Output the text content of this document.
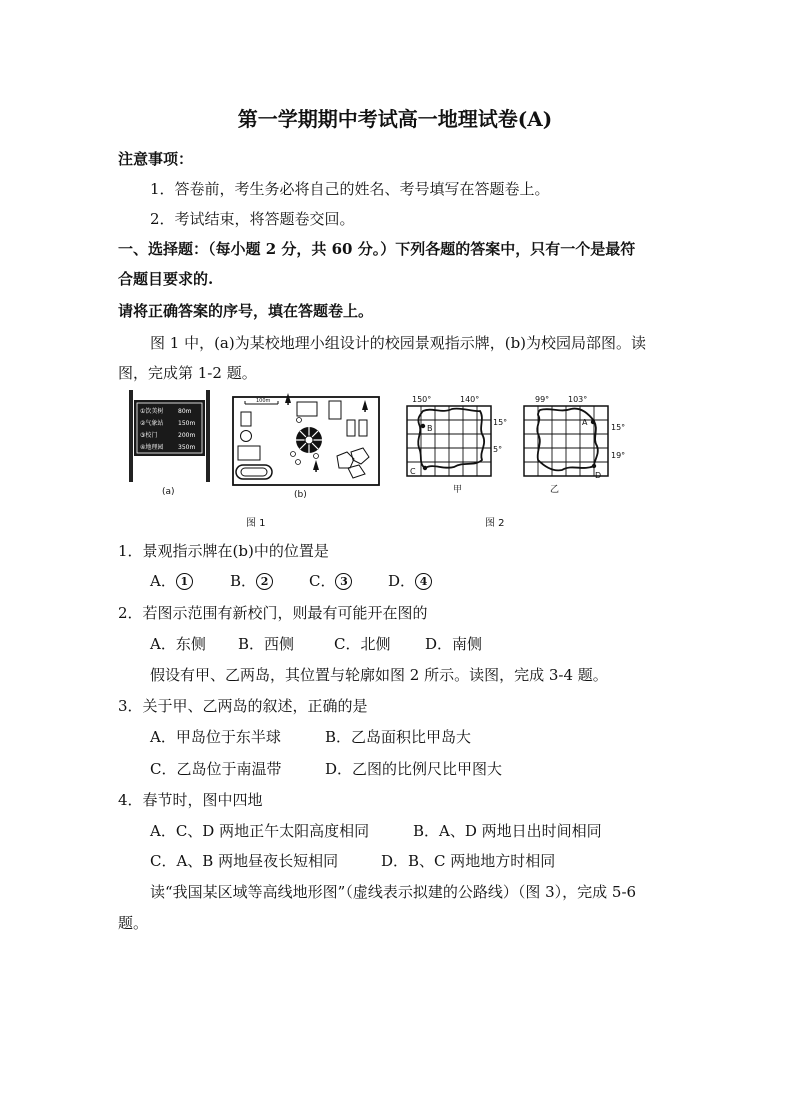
第一学期期中考试高一地理试卷(A)
注意事项：
1．答卷前，考生务必将自己的姓名、考号填写在答题卷上。
2．考试结束，将答题卷交回。
一、选择题：（每小题 2 分，共 60 分。）下列各题的答案中，只有一个是最符
合题目要求的.
请将正确答案的序号，填在答题卷上。
图 1 中，(a)为某校地理小组设计的校园景观指示牌，(b)为校园局部图。读
图，完成第 1-2 题。
①饮美树 80m
②气象站 150m
③校门	200m
④地理园 350m
(a)
100m
(b)
150°	140°
15°
5°
B
C
甲
99° 103°
15°
19°
A
D
乙
图 1	图 2
1．景观指示牌在(b)中的位置是
A． 1	B． 2	C． 3	D． 4
2．若图示范围有新校门，则最有可能开在图的
A．东侧 B．西侧	C．北侧 D．南侧
假设有甲、乙两岛，其位置与轮廓如图 2 所示。读图，完成 3-4 题。
3．关于甲、乙两岛的叙述，正确的是
A．甲岛位于东半球	B．乙岛面积比甲岛大
C．乙岛位于南温带	D．乙图的比例尺比甲图大
4．春节时，图中四地
A．C、D 两地正午太阳高度相同	B．A、D 两地日出时间相同
C．A、B 两地昼夜长短相同	D．B、C 两地地方时相同
读“我国某区域等高线地形图”（虚线表示拟建的公路线）（图 3），完成 5-6
题。
